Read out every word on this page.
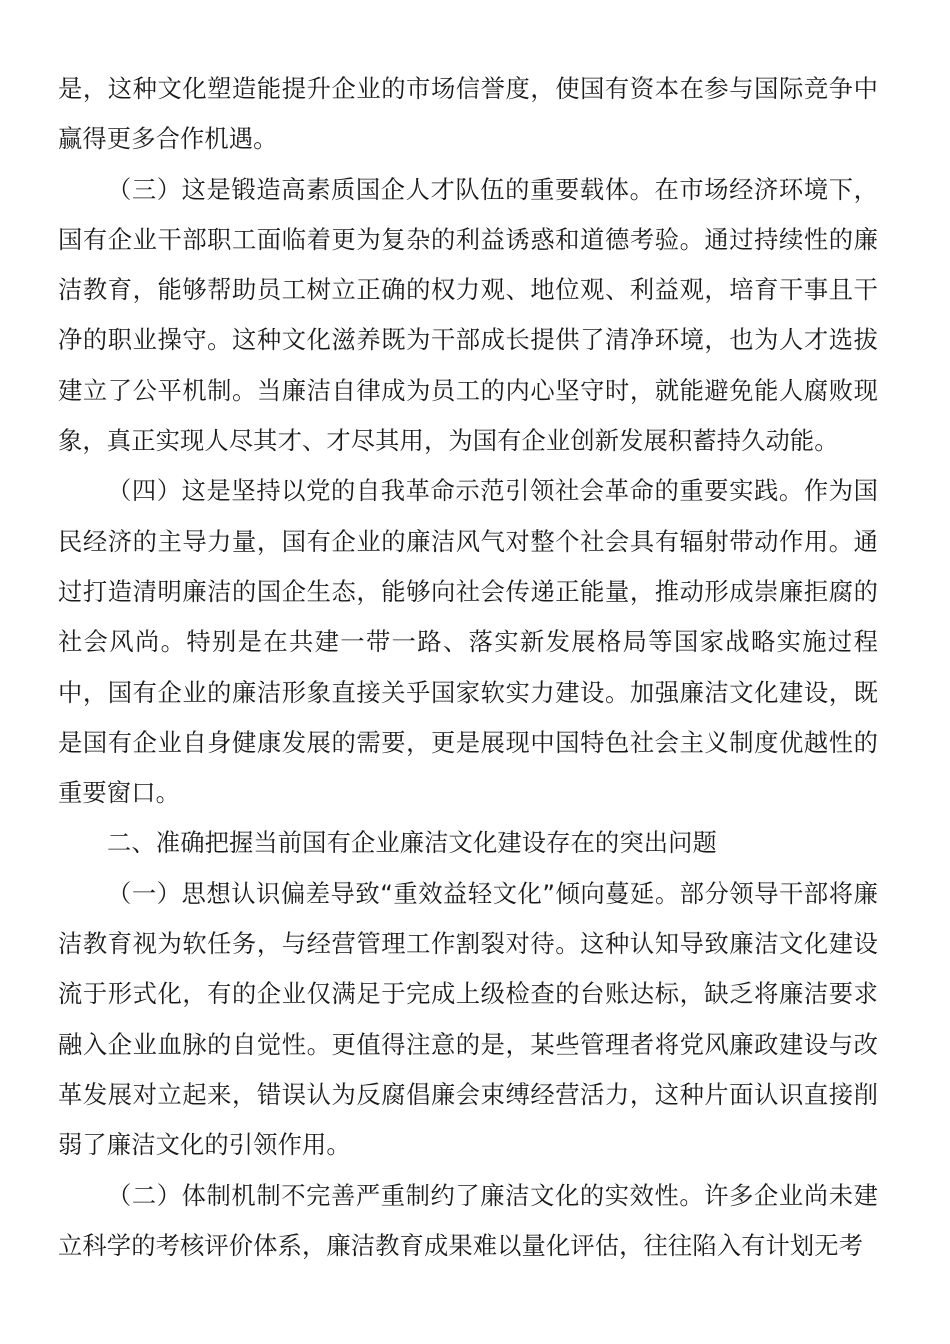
是，这种文化塑造能提升企业的市场信誉度，使国有资本在参与国际竞争中赢得更多合作机遇。

（三）这是锻造高素质国企人才队伍的重要载体。在市场经济环境下，国有企业干部职工面临着更为复杂的利益诱惑和道德考验。通过持续性的廉洁教育，能够帮助员工树立正确的权力观、地位观、利益观，培育干事且干净的职业操守。这种文化滋养既为干部成长提供了清净环境，也为人才选拔建立了公平机制。当廉洁自律成为员工的内心坚守时，就能避免能人腐败现象，真正实现人尽其才、才尽其用，为国有企业创新发展积蓄持久动能。

（四）这是坚持以党的自我革命示范引领社会革命的重要实践。作为国民经济的主导力量，国有企业的廉洁风气对整个社会具有辐射带动作用。通过打造清明廉洁的国企生态，能够向社会传递正能量，推动形成崇廉拒腐的社会风尚。特别是在共建一带一路、落实新发展格局等国家战略实施过程中，国有企业的廉洁形象直接关乎国家软实力建设。加强廉洁文化建设，既是国有企业自身健康发展的需要，更是展现中国特色社会主义制度优越性的重要窗口。

二、准确把握当前国有企业廉洁文化建设存在的突出问题

（一）思想认识偏差导致“重效益轻文化”倾向蔓延。部分领导干部将廉洁教育视为软任务，与经营管理工作割裂对待。这种认知导致廉洁文化建设流于形式化，有的企业仅满足于完成上级检查的台账达标，缺乏将廉洁要求融入企业血脉的自觉性。更值得注意的是，某些管理者将党风廉政建设与改革发展对立起来，错误认为反腐倡廉会束缚经营活力，这种片面认识直接削弱了廉洁文化的引领作用。

（二）体制机制不完善严重制约了廉洁文化的实效性。许多企业尚未建立科学的考核评价体系，廉洁教育成果难以量化评估，往往陷入有计划无考
